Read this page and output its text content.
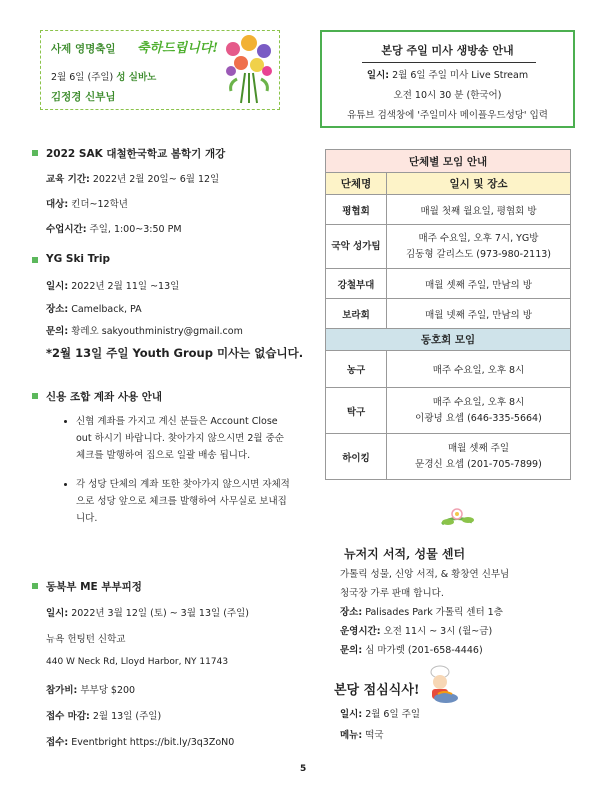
사제 영명축일 축하드립니다!
2월 6일 (주일) 성 실바노
김정경 신부님
본당 주일 미사 생방송 안내
일시: 2월 6일 주일 미사 Live Stream
오전 10시 30 분 (한국어)
유튜브 검색창에 '주일미사 메이플우드성당' 입력
2022 SAK 대철한국학교 봄학기 개강
교육 기간: 2022년 2월 20일~ 6월 12일
대상: 킨더~12학년
수업시간: 주일, 1:00~3:50 PM
YG Ski Trip
일시: 2022년 2월 11일 ~13일
장소: Camelback, PA
문의: 황레오 sakyouthministry@gmail.com
*2월 13일 주일 Youth Group 미사는 없습니다.
신용 조합 계좌 사용 안내
• 신협 계좌를 가지고 계신 분들은 Account Close out 하시기 바랍니다. 찾아가지 않으시면 2월 중순 체크를 발행하여 집으로 일괄 배송 됩니다.
• 각 성당 단체의 계좌 또한 찾아가지 않으시면 자체적으로 성당 앞으로 체크를 발행하여 사무실로 보내집니다.
동북부 ME 부부피정
일시: 2022년 3월 12일 (토) ~ 3월 13일 (주일)
뉴욕 헌팅턴 신학교
440 W Neck Rd, Lloyd Harbor, NY 11743
참가비: 부부당 $200
접수 마감: 2월 13일 (주일)
접수: Eventbright https://bit.ly/3q3ZoN0
단체별 모임 안내	
단체명	일시 및 장소
평협회	매월 첫째 월요일, 평협회 방
국악 성가팀	매주 수요일, 오후 7시, YG방
김동형 갈리스도 (973-980-2113)

강철부대	매월 셋째 주일, 만남의 방
보라회	매월 넷째 주일, 만남의 방
동호회 모임	
농구	매주 수요일, 오후 8시
탁구	매주 수요일, 오후 8시
이광녕 요셉 (646-335-5664)

하이킹	매월 셋째 주일
문경신 요셉 (201-705-7899)
뉴저지 서적, 성물 센터
가톨릭 성물, 신앙 서적, & 황창연 신부님
청국장 가루 판매 합니다.
장소: Palisades Park 가톨릭 센터 1층
운영시간: 오전 11시 ~ 3시 (월~금)
문의: 심 마가렛 (201-658-4446)
본당 점심식사!
일시: 2월 6일 주일
메뉴: 떡국
5
